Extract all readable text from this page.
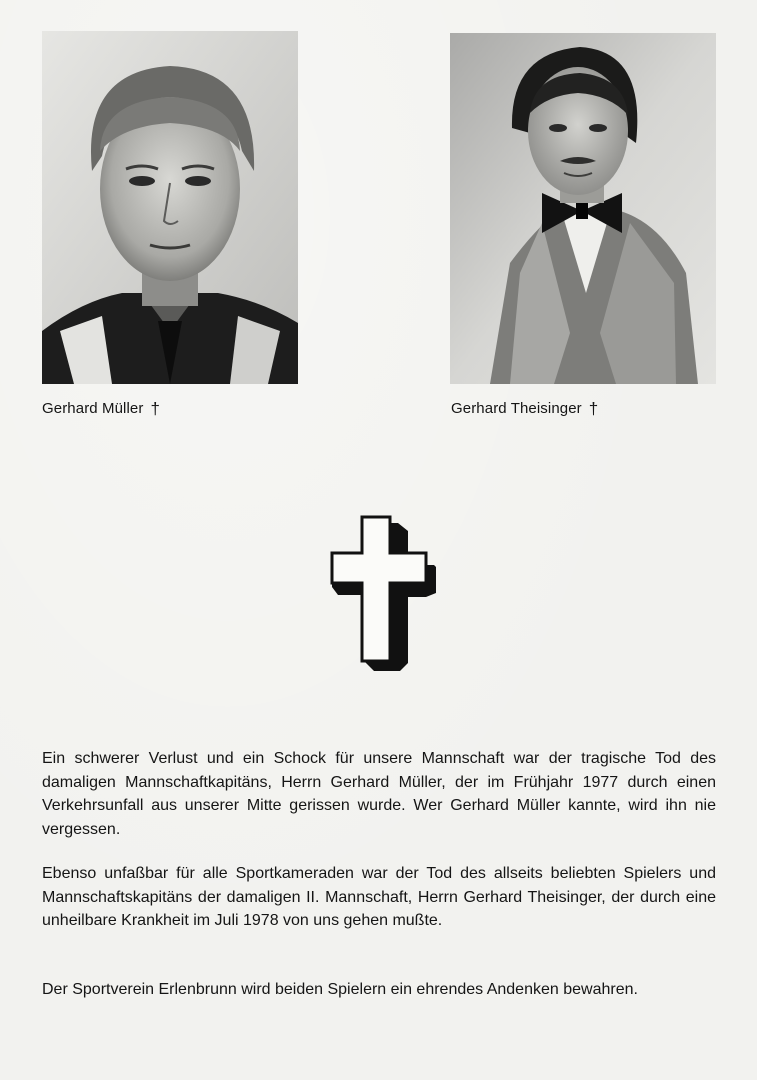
Gerhard Müller †	Gerhard Theisinger †

Ein schwerer Verlust und ein Schock für unsere Mannschaft war der tragische Tod des damaligen Mannschaftkapitäns, Herrn Gerhard Müller, der im Frühjahr 1977 durch einen Verkehrsunfall aus unserer Mitte gerissen wurde. Wer Gerhard Müller kannte, wird ihn nie vergessen.

Ebenso unfaßbar für alle Sportkameraden war der Tod des allseits beliebten Spielers und Mannschaftskapitäns der damaligen II. Mannschaft, Herrn Gerhard Theisinger, der durch eine unheilbare Krankheit im Juli 1978 von uns gehen mußte.

Der Sportverein Erlenbrunn wird beiden Spielern ein ehrendes Andenken bewahren.
